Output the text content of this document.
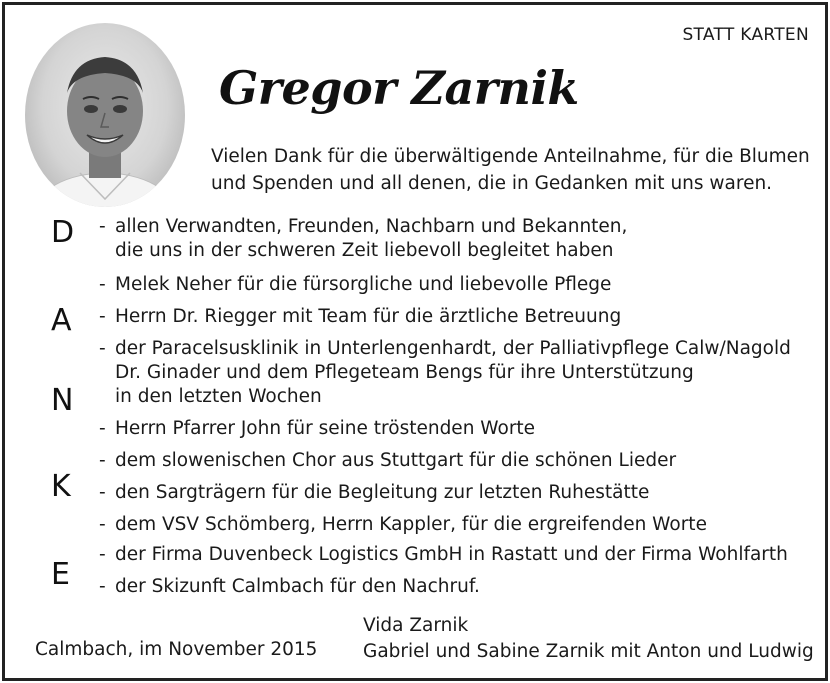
STATT KARTEN
Gregor Zarnik
Vielen Dank für die überwältigende Anteilnahme, für die Blumen
und Spenden und all denen, die in Gedanken mit uns waren.
D
A
N
K
E
- allen Verwandten, Freunden, Nachbarn und Bekannten,
die uns in der schweren Zeit liebevoll begleitet haben
- Melek Neher für die fürsorgliche und liebevolle Pflege
- Herrn Dr. Riegger mit Team für die ärztliche Betreuung
- der Paracelsusklinik in Unterlengenhardt, der Palliativpflege Calw/Nagold
Dr. Ginader und dem Pflegeteam Bengs für ihre Unterstützung
in den letzten Wochen
- Herrn Pfarrer John für seine tröstenden Worte
- dem slowenischen Chor aus Stuttgart für die schönen Lieder
- den Sargträgern für die Begleitung zur letzten Ruhestätte
- dem VSV Schömberg, Herrn Kappler, für die ergreifenden Worte
- der Firma Duvenbeck Logistics GmbH in Rastatt und der Firma Wohlfarth
- der Skizunft Calmbach für den Nachruf.
Calmbach, im November 2015
Vida Zarnik
Gabriel und Sabine Zarnik mit Anton und Ludwig
